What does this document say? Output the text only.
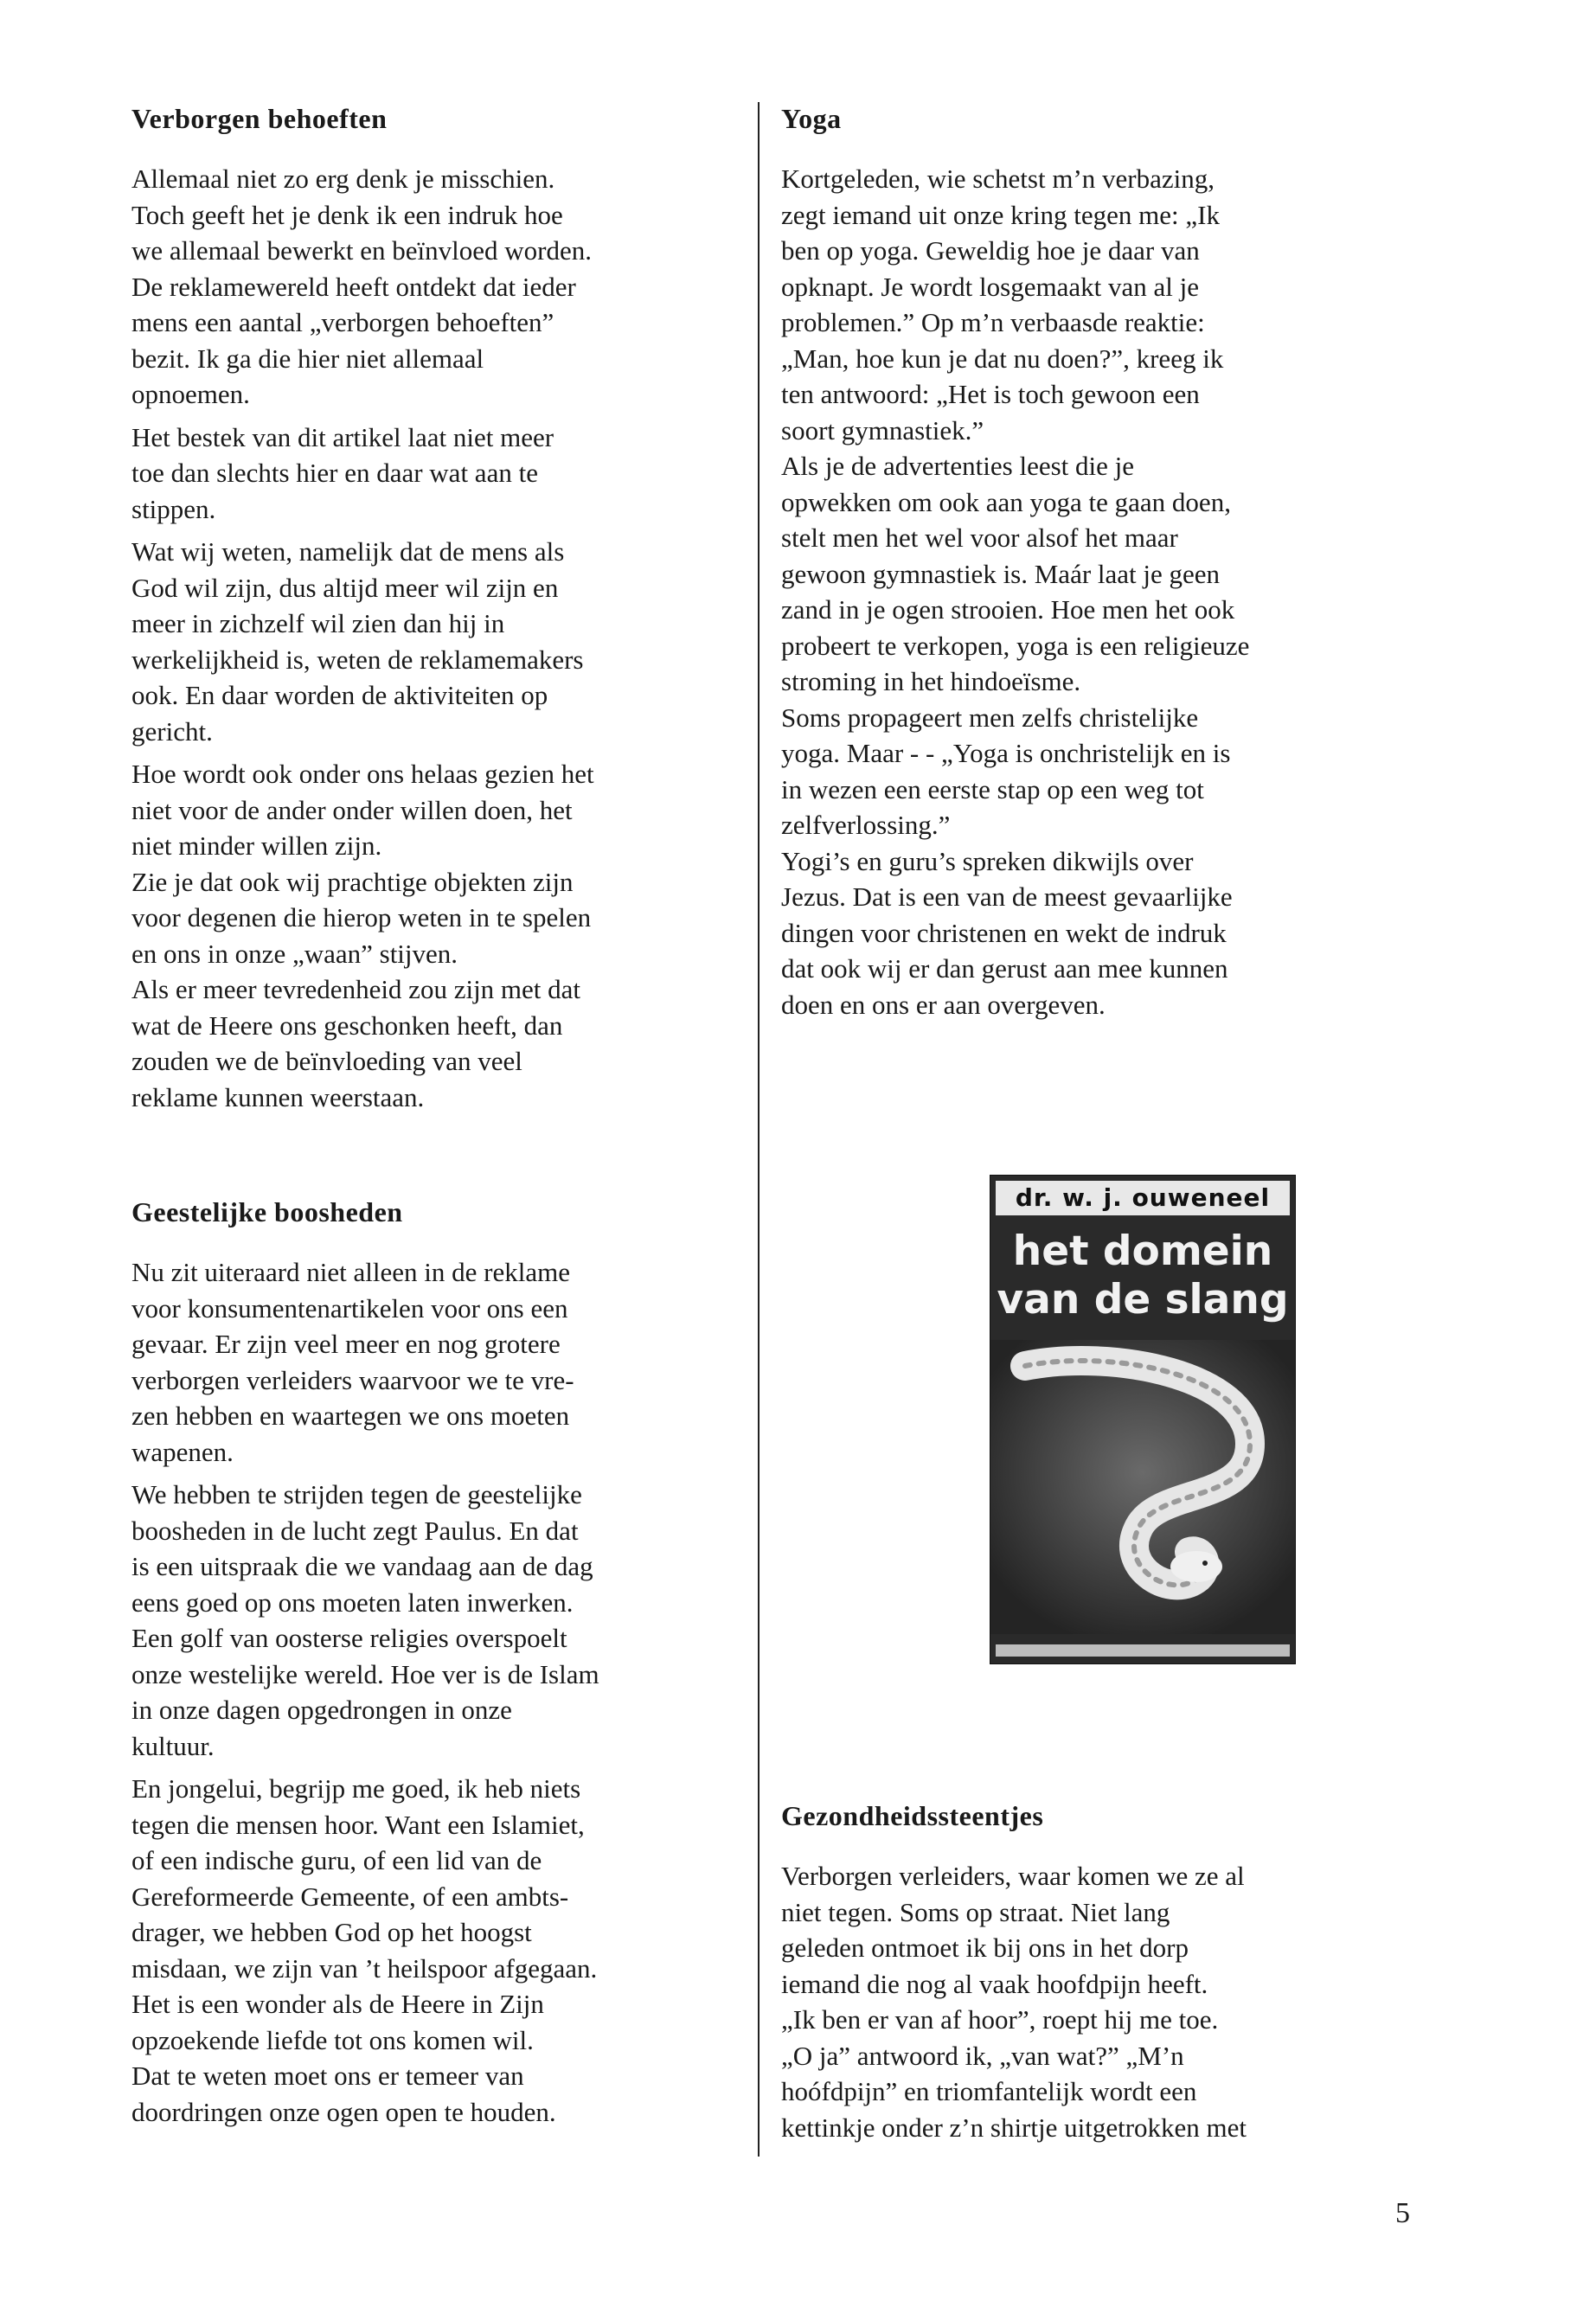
Verborgen behoeften

Allemaal niet zo erg denk je misschien.
Toch geeft het je denk ik een indruk hoe
we allemaal bewerkt en beïnvloed worden.
De reklamewereld heeft ontdekt dat ieder
mens een aantal „verborgen behoeften”
bezit. Ik ga die hier niet allemaal
opnoemen.

Het bestek van dit artikel laat niet meer
toe dan slechts hier en daar wat aan te
stippen.

Wat wij weten, namelijk dat de mens als
God wil zijn, dus altijd meer wil zijn en
meer in zichzelf wil zien dan hij in
werkelijkheid is, weten de reklamemakers
ook. En daar worden de aktiviteiten op
gericht.

Hoe wordt ook onder ons helaas gezien het
niet voor de ander onder willen doen, het
niet minder willen zijn.
Zie je dat ook wij prachtige objekten zijn
voor degenen die hierop weten in te spelen
en ons in onze „waan” stijven.
Als er meer tevredenheid zou zijn met dat
wat de Heere ons geschonken heeft, dan
zouden we de beïnvloeding van veel
reklame kunnen weerstaan.

Geestelijke boosheden

Nu zit uiteraard niet alleen in de reklame
voor konsumentenartikelen voor ons een
gevaar. Er zijn veel meer en nog grotere
verborgen verleiders waarvoor we te vre-
zen hebben en waartegen we ons moeten
wapenen.

We hebben te strijden tegen de geestelijke
boosheden in de lucht zegt Paulus. En dat
is een uitspraak die we vandaag aan de dag
eens goed op ons moeten laten inwerken.
Een golf van oosterse religies overspoelt
onze westelijke wereld. Hoe ver is de Islam
in onze dagen opgedrongen in onze
kultuur.

En jongelui, begrijp me goed, ik heb niets
tegen die mensen hoor. Want een Islamiet,
of een indische guru, of een lid van de
Gereformeerde Gemeente, of een ambts-
drager, we hebben God op het hoogst
misdaan, we zijn van ’t heilspoor afgegaan.
Het is een wonder als de Heere in Zijn
opzoekende liefde tot ons komen wil.
Dat te weten moet ons er temeer van
doordringen onze ogen open te houden.

Yoga

Kortgeleden, wie schetst m’n verbazing,
zegt iemand uit onze kring tegen me: „Ik
ben op yoga. Geweldig hoe je daar van
opknapt. Je wordt losgemaakt van al je
problemen.” Op m’n verbaasde reaktie:
„Man, hoe kun je dat nu doen?”, kreeg ik
ten antwoord: „Het is toch gewoon een
soort gymnastiek.”
Als je de advertenties leest die je
opwekken om ook aan yoga te gaan doen,
stelt men het wel voor alsof het maar
gewoon gymnastiek is. Maár laat je geen
zand in je ogen strooien. Hoe men het ook
probeert te verkopen, yoga is een religieuze
stroming in het hindoeïsme.
Soms propageert men zelfs christelijke
yoga. Maar - - „Yoga is onchristelijk en is
in wezen een eerste stap op een weg tot
zelfverlossing.”
Yogi’s en guru’s spreken dikwijls over
Jezus. Dat is een van de meest gevaarlijke
dingen voor christenen en wekt de indruk
dat ook wij er dan gerust aan mee kunnen
doen en ons er aan overgeven.

dr. w. j. ouweneel
het domein
van de slang
Gezondheidssteentjes

Verborgen verleiders, waar komen we ze al
niet tegen. Soms op straat. Niet lang
geleden ontmoet ik bij ons in het dorp
iemand die nog al vaak hoofdpijn heeft.
„Ik ben er van af hoor”, roept hij me toe.
„O ja” antwoord ik, „van wat?” „M’n
hoófdpijn” en triomfantelijk wordt een
kettinkje onder z’n shirtje uitgetrokken met

5
